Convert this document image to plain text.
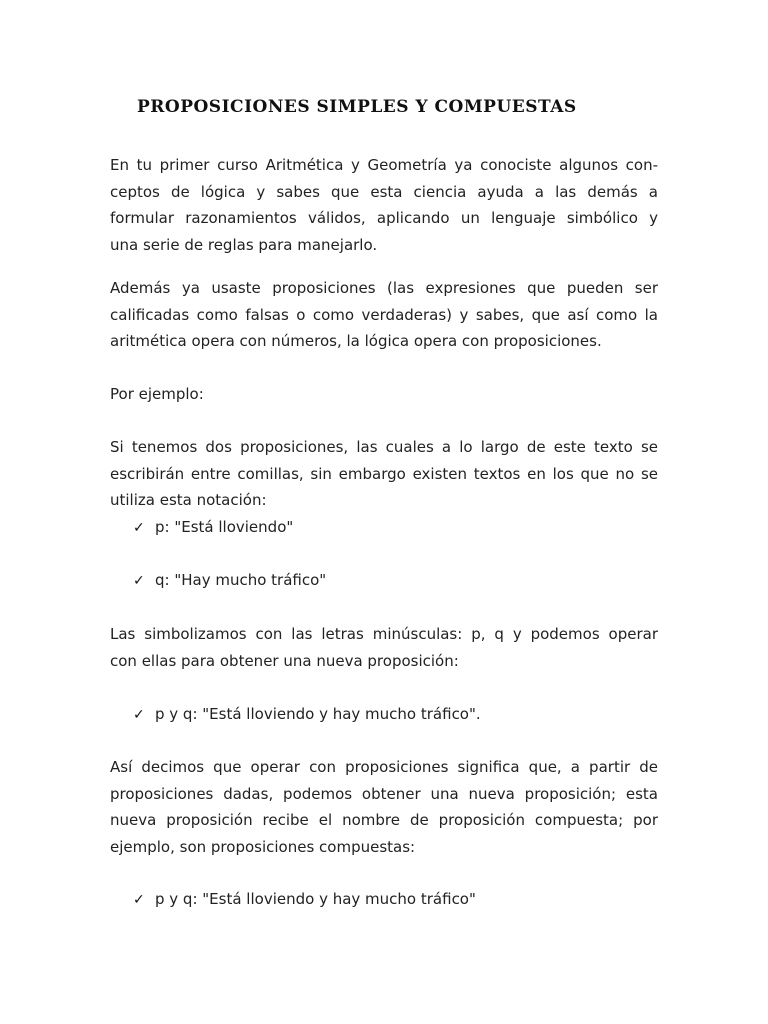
PROPOSICIONES SIMPLES Y COMPUESTAS
En tu primer curso Aritmética y Geometría ya conociste algunos con-
ceptos de lógica y sabes que esta ciencia ayuda a las demás a
formular razonamientos válidos, aplicando un lenguaje simbólico y
una serie de reglas para manejarlo.
Además ya usaste proposiciones (las expresiones que pueden ser
calificadas como falsas o como verdaderas) y sabes, que así como la
aritmética opera con números, la lógica opera con proposiciones.
Por ejemplo:
Si tenemos dos proposiciones, las cuales a lo largo de este texto se
escribirán entre comillas, sin embargo existen textos en los que no se
utiliza esta notación:
✓ p: "Está lloviendo"
✓ q: "Hay mucho tráfico"
Las simbolizamos con las letras minúsculas: p, q y podemos operar
con ellas para obtener una nueva proposición:
✓ p y q: "Está lloviendo y hay mucho tráfico".
Así decimos que operar con proposiciones significa que, a partir de
proposiciones dadas, podemos obtener una nueva proposición; esta
nueva proposición recibe el nombre de proposición compuesta; por
ejemplo, son proposiciones compuestas:
✓ p y q: "Está lloviendo y hay mucho tráfico"
